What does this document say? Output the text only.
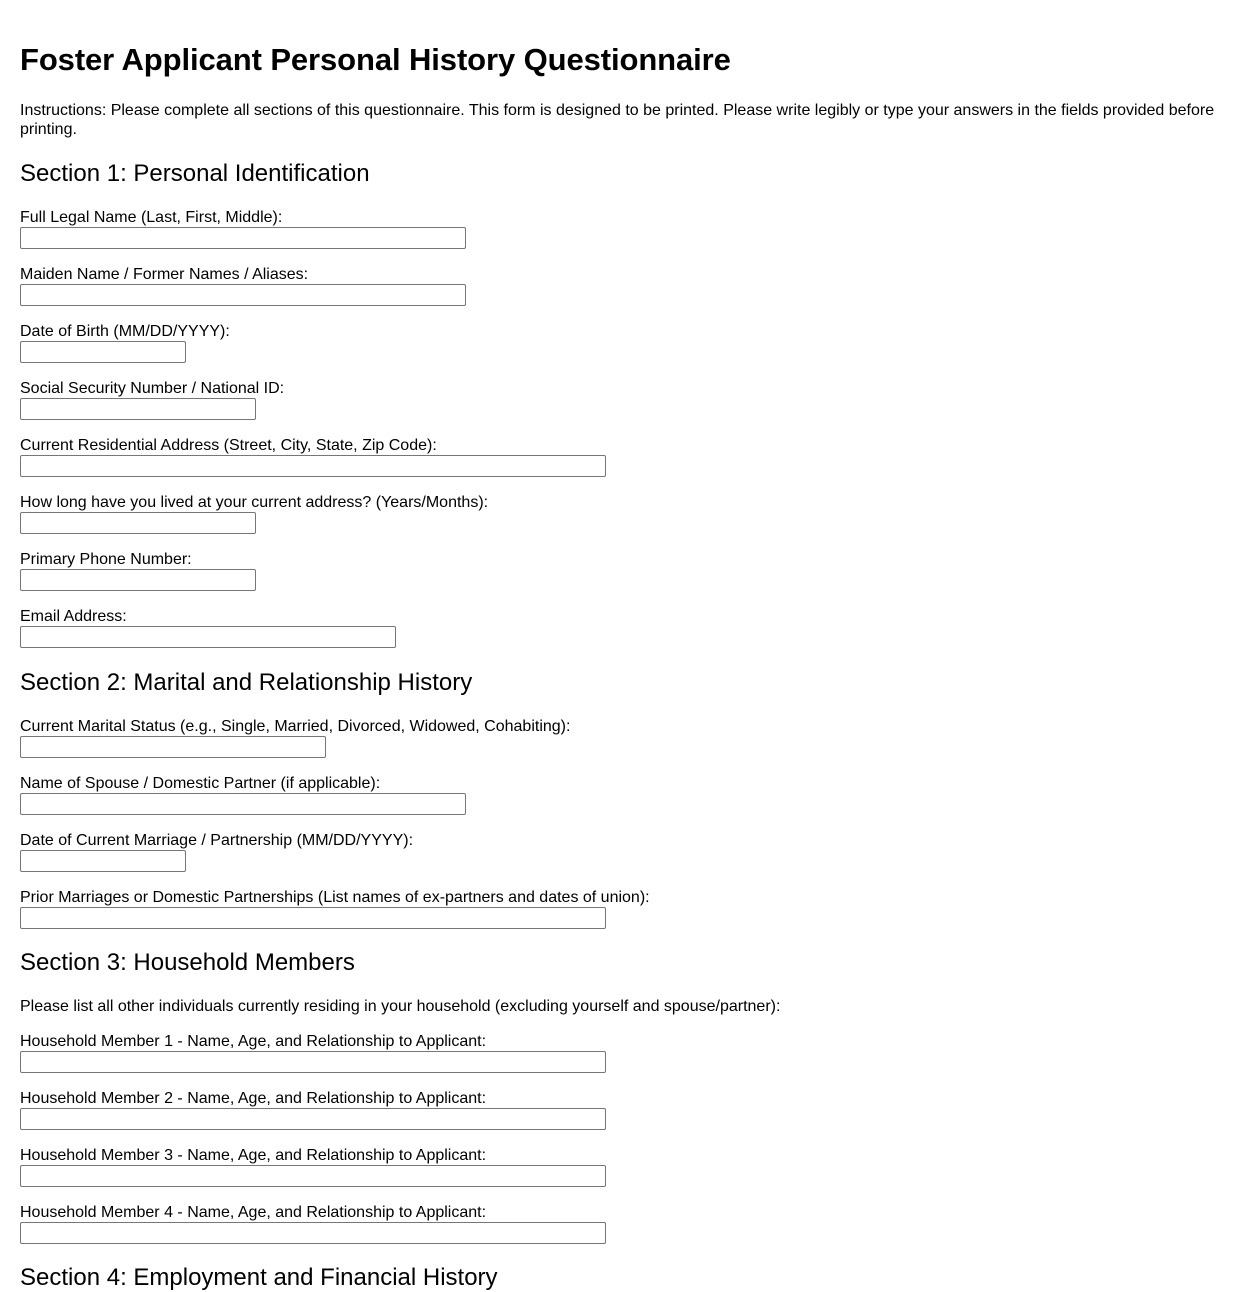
Foster Applicant Personal History Questionnaire

Instructions: Please complete all sections of this questionnaire. This form is designed to be printed. Please write legibly or type your answers in the fields provided before printing.

Section 1: Personal Identification
Full Legal Name (Last, First, Middle):
Maiden Name / Former Names / Aliases:
Date of Birth (MM/DD/YYYY):
Social Security Number / National ID:
Current Residential Address (Street, City, State, Zip Code):
How long have you lived at your current address? (Years/Months):
Primary Phone Number:
Email Address:
Section 2: Marital and Relationship History
Current Marital Status (e.g., Single, Married, Divorced, Widowed, Cohabiting):
Name of Spouse / Domestic Partner (if applicable):
Date of Current Marriage / Partnership (MM/DD/YYYY):
Prior Marriages or Domestic Partnerships (List names of ex-partners and dates of union):
Section 3: Household Members

Please list all other individuals currently residing in your household (excluding yourself and spouse/partner):

Household Member 1 - Name, Age, and Relationship to Applicant:
Household Member 2 - Name, Age, and Relationship to Applicant:
Household Member 3 - Name, Age, and Relationship to Applicant:
Household Member 4 - Name, Age, and Relationship to Applicant:
Section 4: Employment and Financial History
